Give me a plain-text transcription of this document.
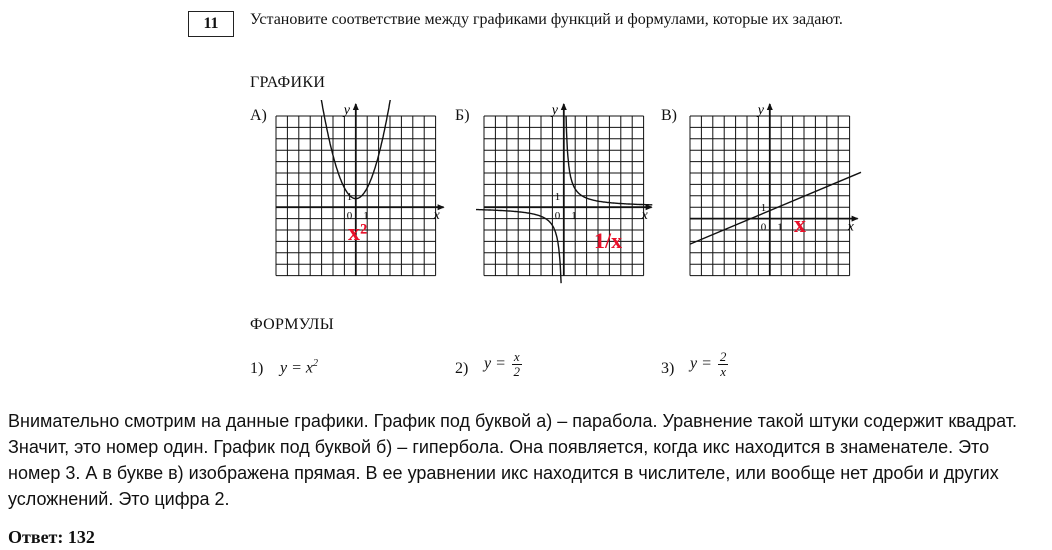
11 Установите соответствие между графиками функций и формулами, которые их задают.
ГРАФИКИ
А)	Б)	В)
y
x
0 1
1
x²
y
x
0 1
1
1/x
y
x
0 1
1
x
ФОРМУЛЫ
1) $y = x^2$	2) $y = \frac{x}{2}$	3) $y = \frac{2}{x}$
Внимательно смотрим на данные графики. График под буквой а) – парабола. Уравнение такой штуки содержит квадрат. Значит, это номер один. График под буквой б) – гипербола. Она появляется, когда икс находится в знаменателе. Это номер 3. А в букве в) изображена прямая. В ее уравнении икс находится в числителе, или вообще нет дроби и других усложнений. Это цифра 2.
Ответ: 132
